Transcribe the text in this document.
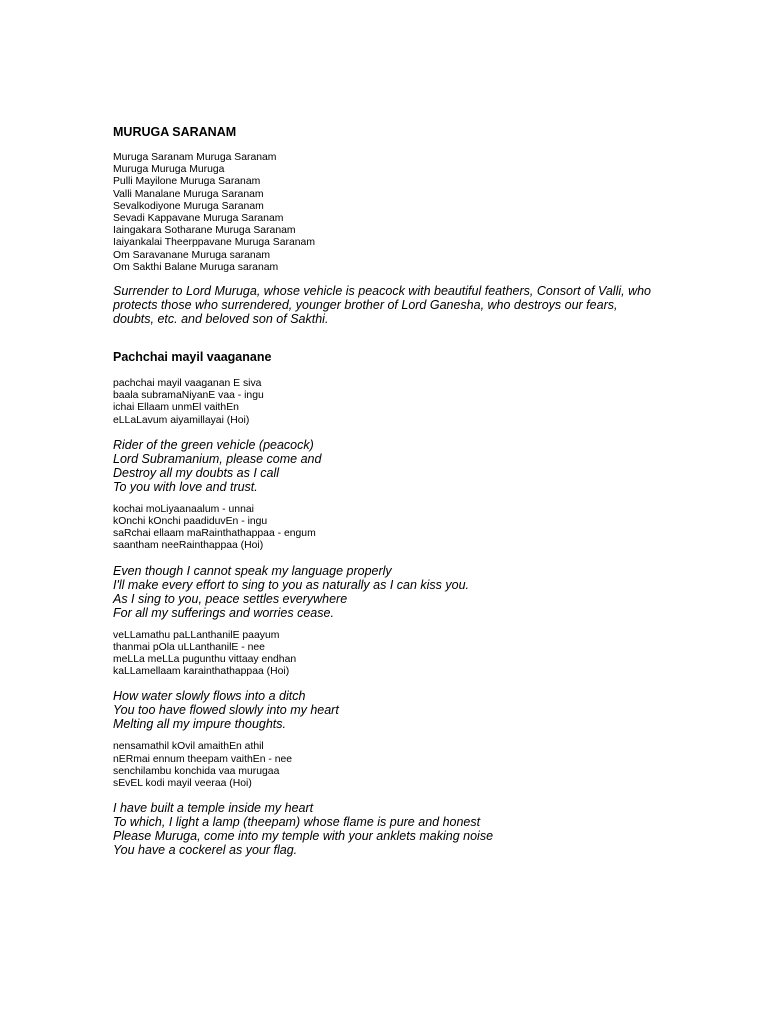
MURUGA SARANAM

Muruga Saranam Muruga Saranam
Muruga Muruga Muruga
Pulli Mayilone Muruga Saranam
Valli Manalane Muruga Saranam
Sevalkodiyone Muruga Saranam
Sevadi Kappavane Muruga Saranam
Iaingakara Sotharane Muruga Saranam
Iaiyankalai Theerppavane Muruga Saranam
Om Saravanane Muruga saranam
Om Sakthi Balane Muruga saranam
Surrender to Lord Muruga, whose vehicle is peacock with beautiful feathers, Consort of Valli, who
protects those who surrendered, younger brother of Lord Ganesha, who destroys our fears,
doubts, etc. and beloved son of Sakthi.

Pachchai mayil vaaganane

pachchai mayil vaaganan E siva
baala subramaNiyanE vaa - ingu
ichai Ellaam unmEl vaithEn
eLLaLavum aiyamillayai (Hoi)
Rider of the green vehicle (peacock)
Lord Subramanium, please come and
Destroy all my doubts as I call
To you with love and trust.
kochai moLiyaanaalum - unnai
kOnchi kOnchi paadiduvEn - ingu
saRchai ellaam maRainthathappaa - engum
saantham neeRainthappaa (Hoi)
Even though I cannot speak my language properly
I'll make every effort to sing to you as naturally as I can kiss you.
As I sing to you, peace settles everywhere
For all my sufferings and worries cease.
veLLamathu paLLanthanilE paayum
thanmai pOla uLLanthanilE - nee
meLLa meLLa pugunthu vittaay endhan
kaLLamellaam karainthathappaa (Hoi)
How water slowly flows into a ditch
You too have flowed slowly into my heart
Melting all my impure thoughts.
nensamathil kOvil amaithEn athil
nERmai ennum theepam vaithEn - nee
senchilambu konchida vaa murugaa
sEvEL kodi mayil veeraa (Hoi)
I have built a temple inside my heart
To which, I light a lamp (theepam) whose flame is pure and honest
Please Muruga, come into my temple with your anklets making noise
You have a cockerel as your flag.
